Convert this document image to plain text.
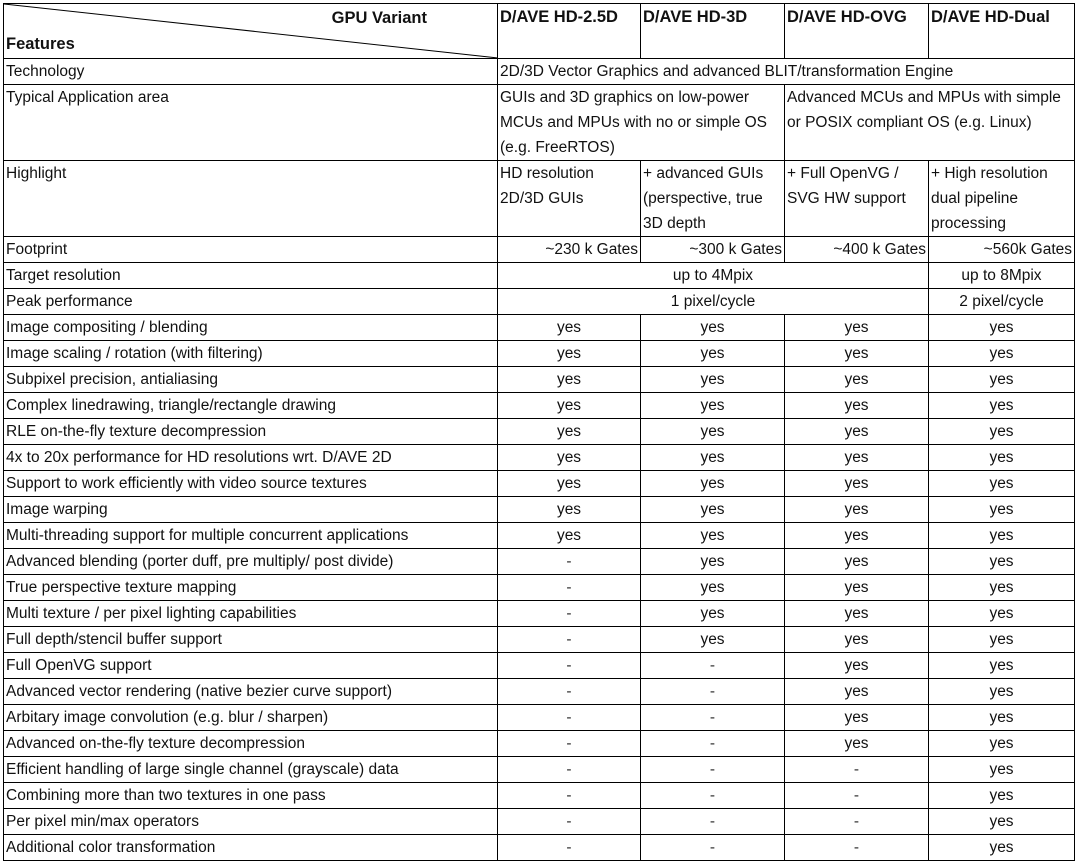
GPU Variant
Features	D/AVE HD-2.5D	D/AVE HD-3D	D/AVE HD-OVG	D/AVE HD-Dual
Technology	2D/3D Vector Graphics and advanced BLIT/transformation Engine			
Typical Application area	GUIs and 3D graphics on low-power MCUs and MPUs with no or simple OS (e.g. FreeRTOS)		Advanced MCUs and MPUs with simple or POSIX compliant OS (e.g. Linux)	
Highlight	HD resolution 2D/3D GUIs	+ advanced GUIs (perspective, true 3D depth	+ Full OpenVG / SVG HW support	+ High resolution dual pipeline processing
Footprint	~230 k Gates	~300 k Gates	~400 k Gates	~560k Gates
Target resolution	up to 4Mpix			up to 8Mpix
Peak performance	1 pixel/cycle			2 pixel/cycle
Image compositing / blending	yes	yes	yes	yes
Image scaling / rotation (with filtering)	yes	yes	yes	yes
Subpixel precision, antialiasing	yes	yes	yes	yes
Complex linedrawing, triangle/rectangle drawing	yes	yes	yes	yes
RLE on-the-fly texture decompression	yes	yes	yes	yes
4x to 20x performance for HD resolutions wrt. D/AVE 2D	yes	yes	yes	yes
Support to work efficiently with video source textures	yes	yes	yes	yes
Image warping	yes	yes	yes	yes
Multi-threading support for multiple concurrent applications	yes	yes	yes	yes
Advanced blending (porter duff, pre multiply/ post divide)	-	yes	yes	yes
True perspective texture mapping	-	yes	yes	yes
Multi texture / per pixel lighting capabilities	-	yes	yes	yes
Full depth/stencil buffer support	-	yes	yes	yes
Full OpenVG support	-	-	yes	yes
Advanced vector rendering (native bezier curve support)	-	-	yes	yes
Arbitary image convolution (e.g. blur / sharpen)	-	-	yes	yes
Advanced on-the-fly texture decompression	-	-	yes	yes
Efficient handling of large single channel (grayscale) data	-	-	-	yes
Combining more than two textures in one pass	-	-	-	yes
Per pixel min/max operators	-	-	-	yes
Additional color transformation	-	-	-	yes
